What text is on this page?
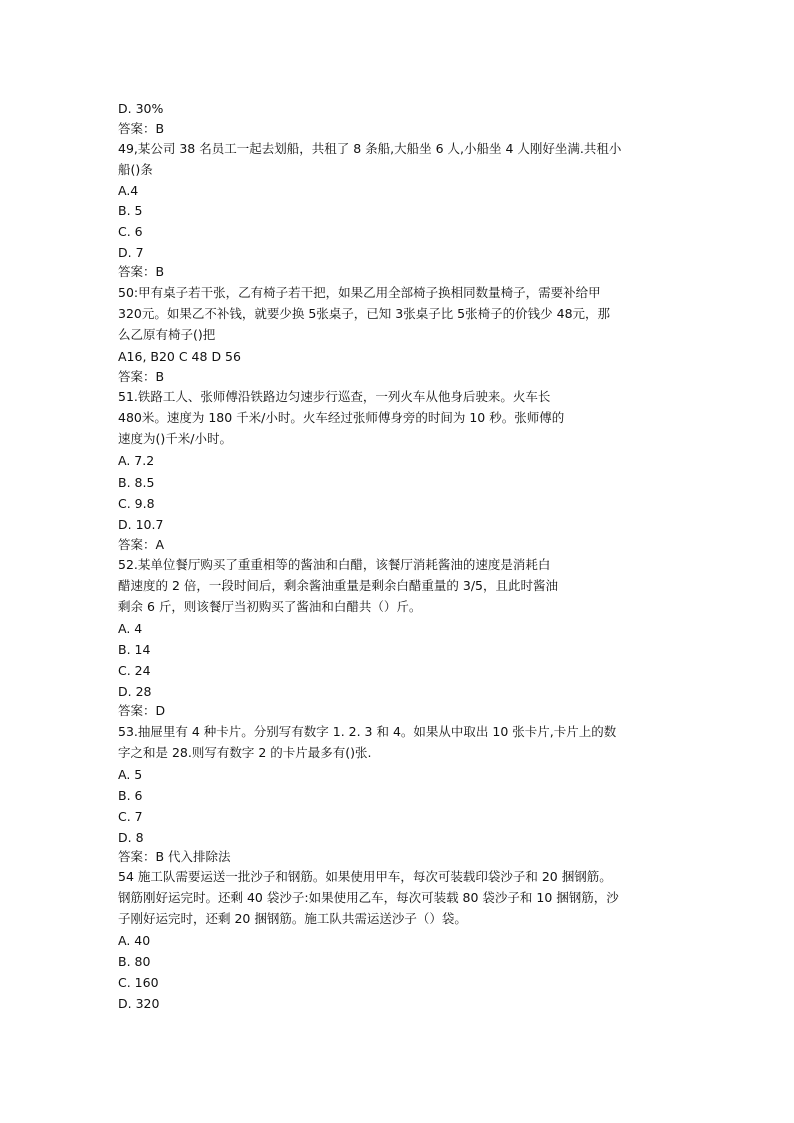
D. 30%

答案：B

49,某公司 38 名员工一起去划船，共租了 8 条船,大船坐 6 人,小船坐 4 人刚好坐满.共租小

船()条

A.4

B. 5

C. 6

D. 7

答案：B

50:甲有桌子若干张，乙有椅子若干把，如果乙用全部椅子换相同数量椅子，需要补给甲

320元。如果乙不补钱，就要少换 5张桌子，已知 3张桌子比 5张椅子的价钱少 48元，那

么乙原有椅子()把

A16, B20 C 48 D 56

答案：B

51.铁路工人、张师傅沿铁路边匀速步行巡查，一列火车从他身后驶来。火车长

480米。速度为 180 千米/小时。火车经过张师傅身旁的时间为 10 秒。张师傅的

速度为()千米/小时。

A. 7.2

B. 8.5

C. 9.8

D. 10.7

答案：A

52.某单位餐厅购买了重重相等的酱油和白醋，该餐厅消耗酱油的速度是消耗白

醋速度的 2 倍，一段时间后，剩余酱油重量是剩余白醋重量的 3/5，且此时酱油

剩余 6 斤，则该餐厅当初购买了酱油和白醋共（）斤。

A. 4

B. 14

C. 24

D. 28

答案：D

53.抽屉里有 4 种卡片。分别写有数字 1. 2. 3 和 4。如果从中取出 10 张卡片,卡片上的数

字之和是 28.则写有数字 2 的卡片最多有()张.

A. 5

B. 6

C. 7

D. 8

答案：B 代入排除法

54 施工队需要运送一批沙子和钢筋。如果使用甲车，每次可装载印袋沙子和 20 捆钢筋。

钢筋刚好运完时。还剩 40 袋沙子:如果使用乙车，每次可装载 80 袋沙子和 10 捆钢筋，沙

子刚好运完时，还剩 20 捆钢筋。施工队共需运送沙子（）袋。

A. 40

B. 80

C. 160

D. 320
